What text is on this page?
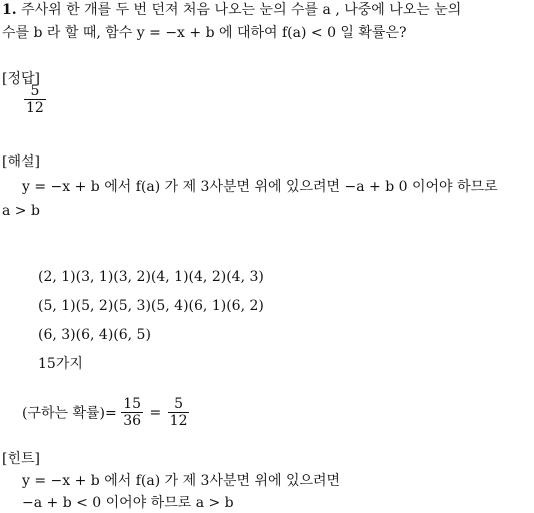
1. 주사위 한 개를 두 번 던져 처음 나오는 눈의 수를 a , 나중에 나오는 눈의
수를 b 라 할 때, 함수 y = −x + b 에 대하여 f(a) < 0 일 확률은?
[정답]
$\frac{5}{12}$
[해설]
y = −x + b 에서 f(a) 가 제 3사분면 위에 있으려면 −a + b 0 이어야 하므로
a > b
(2, 1)(3, 1)(3, 2)(4, 1)(4, 2)(4, 3)
(5, 1)(5, 2)(5, 3)(5, 4)(6, 1)(6, 2)
(6, 3)(6, 4)(6, 5)
15가지
(구하는 확률)= $\frac{15}{36} = \frac{5}{12}$
[힌트]
y = −x + b 에서 f(a) 가 제 3사분면 위에 있으려면
−a + b < 0 이어야 하므로 a > b
